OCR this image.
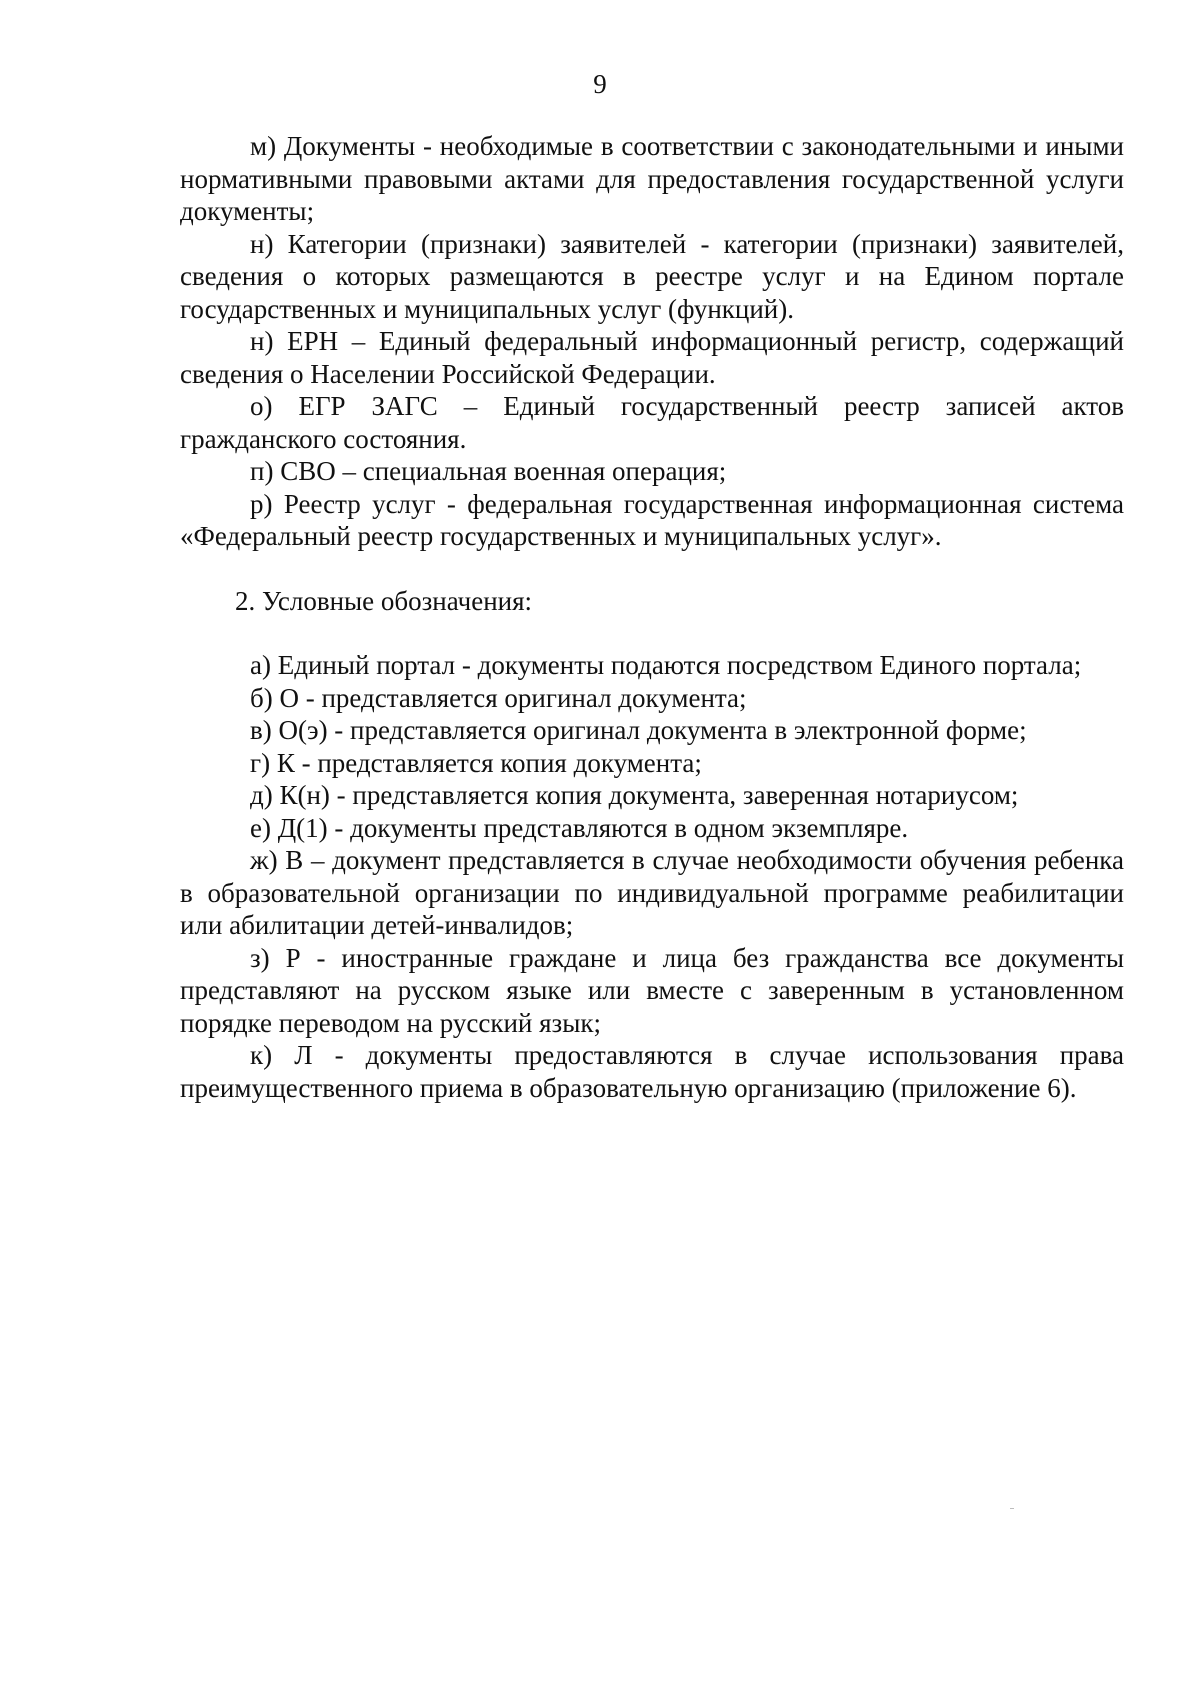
9

м) Документы - необходимые в соответствии с законодательными и иными нормативными правовыми актами для предоставления государственной услуги документы;

н) Категории (признаки) заявителей - категории (признаки) заявителей, сведения о которых размещаются в реестре услуг и на Едином портале государственных и муниципальных услуг (функций).

н) ЕРН – Единый федеральный информационный регистр, содержащий сведения о Населении Российской Федерации.

о) ЕГР ЗАГС – Единый государственный реестр записей актов гражданского состояния.

п) СВО – специальная военная операция;

р) Реестр услуг - федеральная государственная информационная система «Федеральный реестр государственных и муниципальных услуг».

2. Условные обозначения:

а) Единый портал - документы подаются посредством Единого портала;

б) О - представляется оригинал документа;

в) О(э) - представляется оригинал документа в электронной форме;

г) К - представляется копия документа;

д) К(н) - представляется копия документа, заверенная нотариусом;

е) Д(1) - документы представляются в одном экземпляре.

ж) В – документ представляется в случае необходимости обучения ребенка в образовательной организации по индивидуальной программе реабилитации или абилитации детей-инвалидов;

з) Р - иностранные граждане и лица без гражданства все документы представляют на русском языке или вместе с заверенным в установленном порядке переводом на русский язык;

к) Л - документы предоставляются в случае использования права преимущественного приема в образовательную организацию (приложение 6).
